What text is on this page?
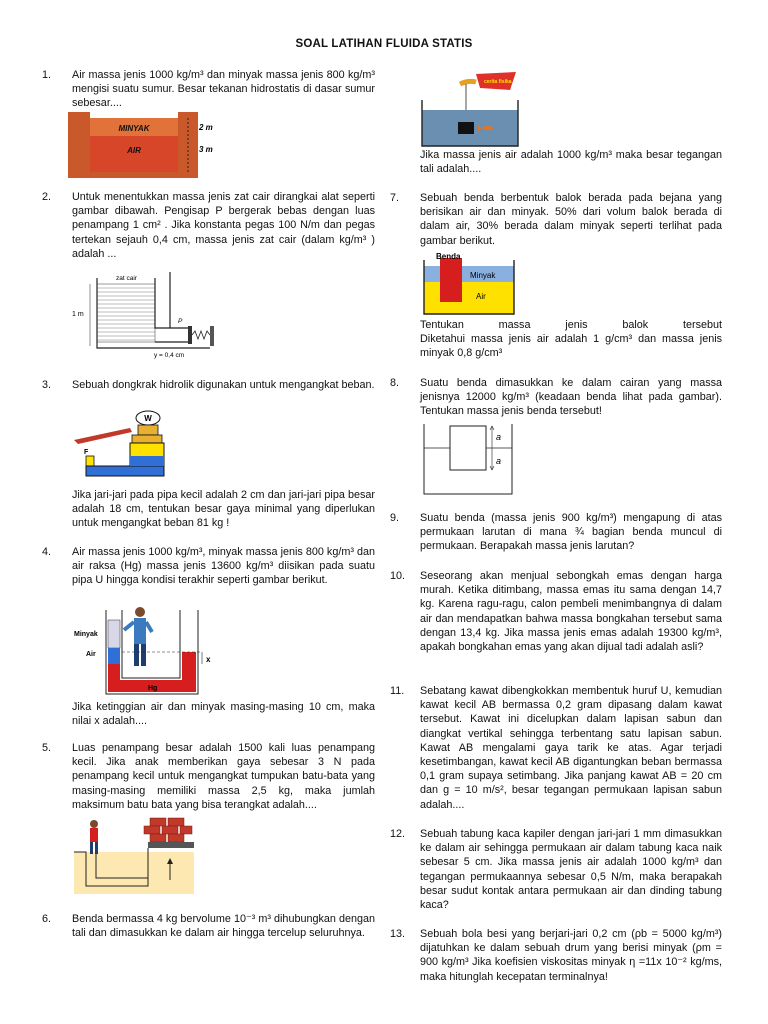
SOAL LATIHAN FLUIDA STATIS
1. Air massa jenis 1000 kg/m³ dan minyak massa jenis 800 kg/m³ mengisi suatu sumur. Besar tekanan hidrostatis di dasar sumur sebesar....
MINYAK
AIR
2 m
3 m
2. Untuk menentukkan massa jenis zat cair dirangkai alat seperti gambar dibawah. Pengisap P bergerak bebas dengan luas penampang 1 cm² . Jika konstanta pegas 100 N/m dan pegas tertekan sejauh 0,4 cm, massa jenis zat cair (dalam kg/m³ ) adalah ...
zat cair
1 m
P
y = 0,4 cm
3. Sebuah dongkrak hidrolik digunakan untuk mengangkat beban.
W
F
Jika jari-jari pada pipa kecil adalah 2 cm dan jari-jari pipa besar adalah 18 cm, tentukan besar gaya minimal yang diperlukan untuk mengangkat beban 81 kg !
4. Air massa jenis 1000 kg/m³, minyak massa jenis 800 kg/m³ dan air raksa (Hg) massa jenis 13600 kg/m³ diisikan pada suatu pipa U hingga kondisi terakhir seperti gambar berikut.
Minyak
Air
x
Hg
Jika ketinggian air dan minyak masing-masing 10 cm, maka nilai x adalah....
5. Luas penampang besar adalah 1500 kali luas penampang kecil. Jika anak memberikan gaya sebesar 3 N pada penampang kecil untuk mengangkat tumpukan batu-bata yang masing-masing memiliki massa 2,5 kg, maka jumlah maksimum batu bata yang bisa terangkat adalah....
6. Benda bermassa 4 kg bervolume 10⁻³ m³ dihubungkan dengan tali dan dimasukkan ke dalam air hingga tercelup seluruhnya.
cerita fisika
Jika massa jenis air adalah 1000 kg/m³ maka besar tegangan tali adalah....
7. Sebuah benda berbentuk balok berada pada bejana yang berisikan air dan minyak. 50% dari volum balok berada di dalam air, 30% berada dalam minyak seperti terlihat pada gambar berikut.
Benda
Minyak
Air
Tentukan massa jenis balok tersebut
Diketahui massa jenis air adalah 1 g/cm³ dan massa jenis minyak 0,8 g/cm³
8. Suatu benda dimasukkan ke dalam cairan yang massa jenisnya 12000 kg/m³ (keadaan benda lihat pada gambar). Tentukan massa jenis benda tersebut!
a
a
9. Suatu benda (massa jenis 900 kg/m³) mengapung di atas permukaan larutan di mana ¾ bagian benda muncul di permukaan. Berapakah massa jenis larutan?
10. Seseorang akan menjual sebongkah emas dengan harga murah. Ketika ditimbang, massa emas itu sama dengan 14,7 kg. Karena ragu-ragu, calon pembeli menimbangnya di dalam air dan mendapatkan bahwa massa bongkahan tersebut sama dengan 13,4 kg. Jika massa jenis emas adalah 19300 kg/m³, apakah bongkahan emas yang akan dijual tadi adalah asli?
11. Sebatang kawat dibengkokkan membentuk huruf U, kemudian kawat kecil AB bermassa 0,2 gram dipasang dalam kawat tersebut. Kawat ini dicelupkan dalam lapisan sabun dan diangkat vertikal sehingga terbentang satu lapisan sabun. Kawat AB mengalami gaya tarik ke atas. Agar terjadi kesetimbangan, kawat kecil AB digantungkan beban bermassa 0,1 gram supaya setimbang. Jika panjang kawat AB = 20 cm dan g = 10 m/s², besar tegangan permukaan lapisan sabun adalah....
12. Sebuah tabung kaca kapiler dengan jari-jari 1 mm dimasukkan ke dalam air sehingga permukaan air dalam tabung kaca naik sebesar 5 cm. Jika massa jenis air adalah 1000 kg/m³ dan tegangan permukaannya sebesar 0,5 N/m, maka berapakah besar sudut kontak antara permukaan air dan dinding tabung kaca?
13. Sebuah bola besi yang berjari-jari 0,2 cm (ρb = 5000 kg/m³) dijatuhkan ke dalam sebuah drum yang berisi minyak (ρm = 900 kg/m³ Jika koefisien viskositas minyak η =11x 10⁻² kg/ms, maka hitunglah kecepatan terminalnya!
